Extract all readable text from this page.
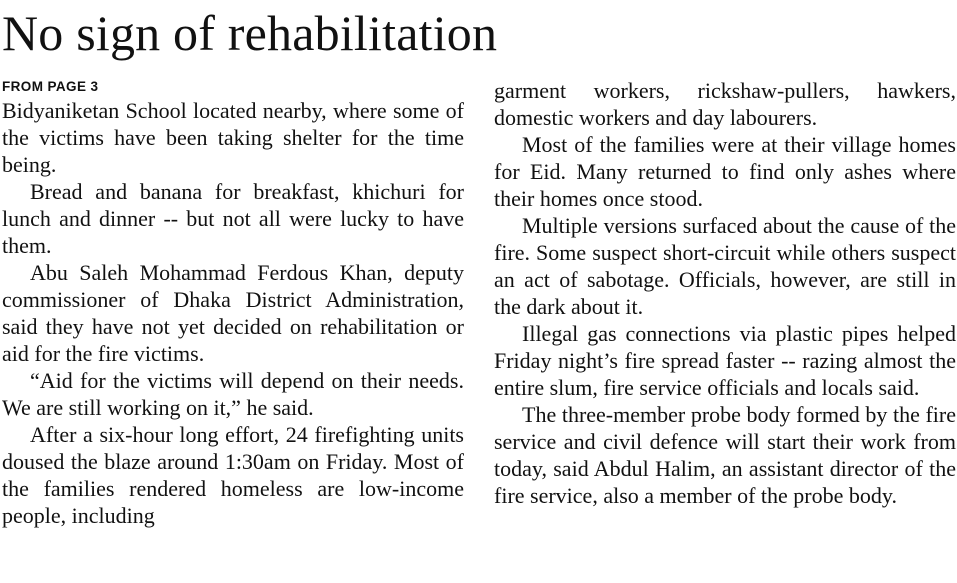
No sign of rehabilitation

FROM PAGE 3

Bidyaniketan School located nearby, where some of the victims have been taking shelter for the time being.

Bread and banana for breakfast, khichuri for lunch and dinner -- but not all were lucky to have them.

Abu Saleh Mohammad Ferdous Khan, deputy commissioner of Dhaka District Administration, said they have not yet decided on rehabilitation or aid for the fire victims.

“Aid for the victims will depend on their needs. We are still working on it,” he said.

After a six-hour long effort, 24 firefighting units doused the blaze around 1:30am on Friday. Most of the families rendered homeless are low-income people, including

garment workers, rickshaw-pullers, hawkers, domestic workers and day labourers.

Most of the families were at their village homes for Eid. Many returned to find only ashes where their homes once stood.

Multiple versions surfaced about the cause of the fire. Some suspect short-circuit while others suspect an act of sabotage. Officials, however, are still in the dark about it.

Illegal gas connections via plastic pipes helped Friday night’s fire spread faster -- razing almost the entire slum, fire service officials and locals said.

The three-member probe body formed by the fire service and civil defence will start their work from today, said Abdul Halim, an assistant director of the fire service, also a member of the probe body.
